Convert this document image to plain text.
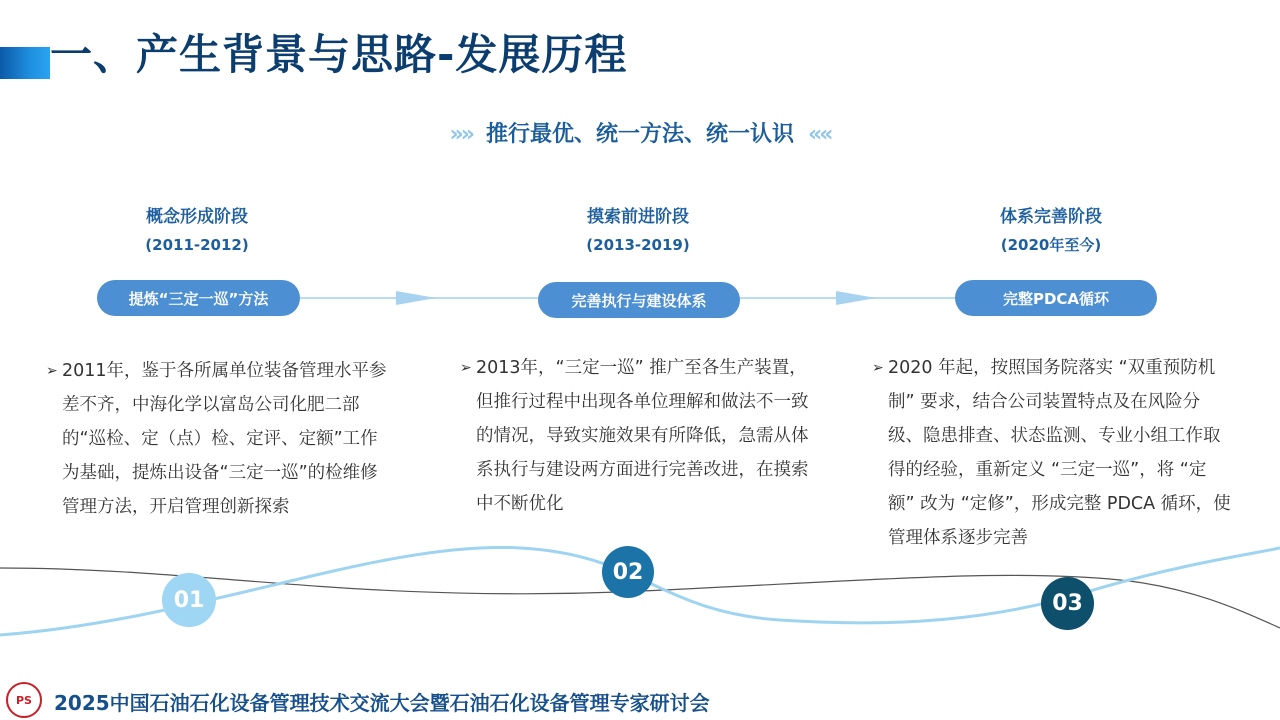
一、产生背景与思路-发展历程
»» 推行最优、统一方法、统一认识 ««
概念形成阶段
(2011-2012)
摸索前进阶段
(2013-2019)
体系完善阶段
(2020年至今)
提炼“三定一巡”方法	完善执行与建设体系	完整PDCA循环
➢ 2011年，鉴于各所属单位装备管理水平参差不齐，中海化学以富岛公司化肥二部的“巡检、定（点）检、定评、定额”工作为基础，提炼出设备“三定一巡”的检维修管理方法，开启管理创新探索
➢ 2013年，“三定一巡” 推广至各生产装置，但推行过程中出现各单位理解和做法不一致的情况，导致实施效果有所降低，急需从体系执行与建设两方面进行完善改进，在摸索中不断优化
➢ 2020 年起，按照国务院落实 “双重预防机制” 要求，结合公司装置特点及在风险分级、隐患排查、状态监测、专业小组工作取得的经验，重新定义 “三定一巡”，将 “定额” 改为 “定修”，形成完整 PDCA 循环，使管理体系逐步完善
01
02
03
PS	2025中国石油石化设备管理技术交流大会暨石油石化设备管理专家研讨会
